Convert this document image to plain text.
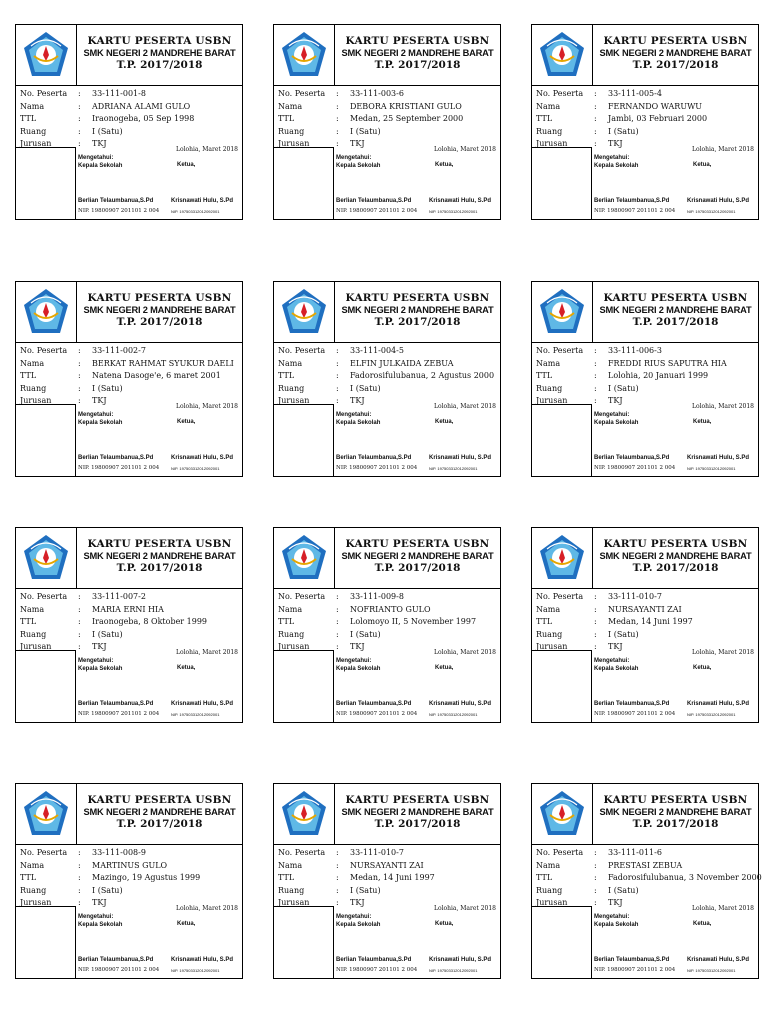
KARTU PESERTA USBN
SMK NEGERI 2 MANDREHE BARAT
T.P. 2017/2018
No. Peserta : 33-111-001-8
Nama	: ADRIANA ALAMI GULO
TTL	: Iraonogeba, 05 Sep 1998
Ruang	: I (Satu)
Jurusan	: TKJ
Lolohia, Maret 2018
Mengetahui:
Kepala Sekolah	Ketua,
Berlian Telaumbanua,S.Pd	Krisnawati Hulu, S.Pd
NIP. 19800907 201101 2 004	NIP. 197503312012092001
KARTU PESERTA USBN
SMK NEGERI 2 MANDREHE BARAT
T.P. 2017/2018
No. Peserta : 33-111-003-6
Nama	: DEBORA KRISTIANI GULO
TTL	: Medan, 25 September 2000
Ruang	: I (Satu)
Jurusan	: TKJ
Lolohia, Maret 2018
Mengetahui:
Kepala Sekolah	Ketua,
Berlian Telaumbanua,S.Pd	Krisnawati Hulu, S.Pd
NIP. 19800907 201101 2 004	NIP. 197503312012092001
KARTU PESERTA USBN
SMK NEGERI 2 MANDREHE BARAT
T.P. 2017/2018
No. Peserta : 33-111-005-4
Nama	: FERNANDO WARUWU
TTL	: Jambi, 03 Februari 2000
Ruang	: I (Satu)
Jurusan	: TKJ
Lolohia, Maret 2018
Mengetahui:
Kepala Sekolah	Ketua,
Berlian Telaumbanua,S.Pd	Krisnawati Hulu, S.Pd
NIP. 19800907 201101 2 004	NIP. 197503312012092001
KARTU PESERTA USBN
SMK NEGERI 2 MANDREHE BARAT
T.P. 2017/2018
No. Peserta : 33-111-002-7
Nama	: BERKAT RAHMAT SYUKUR DAELI
TTL	: Natena Dasoge'e, 6 maret 2001
Ruang	: I (Satu)
Jurusan	: TKJ
Lolohia, Maret 2018
Mengetahui:
Kepala Sekolah	Ketua,
Berlian Telaumbanua,S.Pd	Krisnawati Hulu, S.Pd
NIP. 19800907 201101 2 004	NIP. 197503312012092001
KARTU PESERTA USBN
SMK NEGERI 2 MANDREHE BARAT
T.P. 2017/2018
No. Peserta : 33-111-004-5
Nama	: ELFIN JULKAIDA ZEBUA
TTL	: Fadorosifulubanua, 2 Agustus 2000
Ruang	: I (Satu)
Jurusan	: TKJ
Lolohia, Maret 2018
Mengetahui:
Kepala Sekolah	Ketua,
Berlian Telaumbanua,S.Pd	Krisnawati Hulu, S.Pd
NIP. 19800907 201101 2 004	NIP. 197503312012092001
KARTU PESERTA USBN
SMK NEGERI 2 MANDREHE BARAT
T.P. 2017/2018
No. Peserta : 33-111-006-3
Nama	: FREDDI RIUS SAPUTRA HIA
TTL	: Lolohia, 20 Januari 1999
Ruang	: I (Satu)
Jurusan	: TKJ
Lolohia, Maret 2018
Mengetahui:
Kepala Sekolah	Ketua,
Berlian Telaumbanua,S.Pd	Krisnawati Hulu, S.Pd
NIP. 19800907 201101 2 004	NIP. 197503312012092001
KARTU PESERTA USBN
SMK NEGERI 2 MANDREHE BARAT
T.P. 2017/2018
No. Peserta : 33-111-007-2
Nama	: MARIA ERNI HIA
TTL	: Iraonogeba, 8 Oktober 1999
Ruang	: I (Satu)
Jurusan	: TKJ
Lolohia, Maret 2018
Mengetahui:
Kepala Sekolah	Ketua,
Berlian Telaumbanua,S.Pd	Krisnawati Hulu, S.Pd
NIP. 19800907 201101 2 004	NIP. 197503312012092001
KARTU PESERTA USBN
SMK NEGERI 2 MANDREHE BARAT
T.P. 2017/2018
No. Peserta : 33-111-009-8
Nama	: NOFRIANTO GULO
TTL	: Lolomoyo II, 5 November 1997
Ruang	: I (Satu)
Jurusan	: TKJ
Lolohia, Maret 2018
Mengetahui:
Kepala Sekolah	Ketua,
Berlian Telaumbanua,S.Pd	Krisnawati Hulu, S.Pd
NIP. 19800907 201101 2 004	NIP. 197503312012092001
KARTU PESERTA USBN
SMK NEGERI 2 MANDREHE BARAT
T.P. 2017/2018
No. Peserta : 33-111-010-7
Nama	: NURSAYANTI ZAI
TTL	: Medan, 14 Juni 1997
Ruang	: I (Satu)
Jurusan	: TKJ
Lolohia, Maret 2018
Mengetahui:
Kepala Sekolah	Ketua,
Berlian Telaumbanua,S.Pd	Krisnawati Hulu, S.Pd
NIP. 19800907 201101 2 004	NIP. 197503312012092001
KARTU PESERTA USBN
SMK NEGERI 2 MANDREHE BARAT
T.P. 2017/2018
No. Peserta : 33-111-008-9
Nama	: MARTINUS GULO
TTL	: Mazingo, 19 Agustus 1999
Ruang	: I (Satu)
Jurusan	: TKJ
Lolohia, Maret 2018
Mengetahui:
Kepala Sekolah	Ketua,
Berlian Telaumbanua,S.Pd	Krisnawati Hulu, S.Pd
NIP. 19800907 201101 2 004	NIP. 197503312012092001
KARTU PESERTA USBN
SMK NEGERI 2 MANDREHE BARAT
T.P. 2017/2018
No. Peserta : 33-111-010-7
Nama	: NURSAYANTI ZAI
TTL	: Medan, 14 Juni 1997
Ruang	: I (Satu)
Jurusan	: TKJ
Lolohia, Maret 2018
Mengetahui:
Kepala Sekolah	Ketua,
Berlian Telaumbanua,S.Pd	Krisnawati Hulu, S.Pd
NIP. 19800907 201101 2 004	NIP. 197503312012092001
KARTU PESERTA USBN
SMK NEGERI 2 MANDREHE BARAT
T.P. 2017/2018
No. Peserta : 33-111-011-6
Nama	: PRESTASI ZEBUA
TTL	: Fadorosifulubanua, 3 November 2000
Ruang	: I (Satu)
Jurusan	: TKJ
Lolohia, Maret 2018
Mengetahui:
Kepala Sekolah	Ketua,
Berlian Telaumbanua,S.Pd	Krisnawati Hulu, S.Pd
NIP. 19800907 201101 2 004	NIP. 197503312012092001
